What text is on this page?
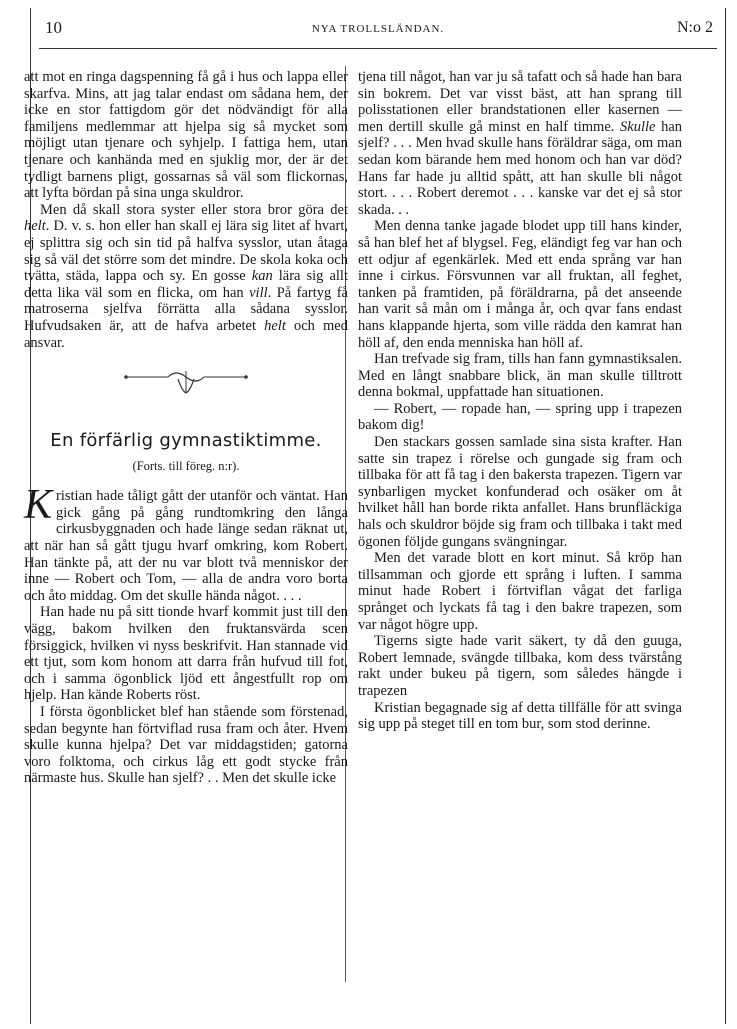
10	NYA TROLLSLÄNDAN.	N:o 2

att mot en ringa dagspenning få gå i hus och lappa eller skarfva. Mins, att jag talar endast om sådana hem, der icke en stor fattigdom gör det nödvändigt för alla familjens medlemmar att hjelpa sig så mycket som möjligt utan tjenare och syhjelp. I fattiga hem, utan tjenare och kanhända med en sjuklig mor, der är det tydligt barnens pligt, gossarnas så väl som flickornas, att lyfta bördan på sina unga skuldror.

Men då skall stora syster eller stora bror göra det helt. D. v. s. hon eller han skall ej lära sig litet af hvart, ej splittra sig och sin tid på halfva sysslor, utan åtaga sig så väl det större som det mindre. De skola koka och tvätta, städa, lappa och sy. En gosse kan lära sig allt detta lika väl som en flicka, om han vill. På fartyg få matroserna sjelfva förrätta alla sådana sysslor. Hufvudsaken är, att de hafva arbetet helt och med ansvar.

En förfärlig gymnastiktimme.
(Forts. till föreg. n:r).

Kristian hade tåligt gått der utanför och väntat. Han gick gång på gång rundtomkring den långa cirkusbyggnaden och hade länge sedan räknat ut, att när han så gått tjugu hvarf omkring, kom Robert. Han tänkte på, att der nu var blott två menniskor der inne — Robert och Tom, — alla de andra voro borta och åto middag. Om det skulle hända något. . . .

Han hade nu på sitt tionde hvarf kommit just till den vägg, bakom hvilken den fruktansvärda scen försiggick, hvilken vi nyss beskrifvit. Han stannade vid ett tjut, som kom honom att darra från hufvud till fot, och i samma ögonblick ljöd ett ångestfullt rop om hjelp. Han kände Roberts röst.

I första ögonblicket blef han stående som förstenad, sedan begynte han förtviflad rusa fram och åter. Hvem skulle kunna hjelpa? Det var middagstiden; gatorna voro folktoma, och cirkus låg ett godt stycke från närmaste hus. Skulle han sjelf? . . Men det skulle icke

tjena till något, han var ju så tafatt och så hade han bara sin bokrem. Det var visst bäst, att han sprang till polisstationen eller brandstationen eller kasernen — men dertill skulle gå minst en half timme. Skulle han sjelf? . . . Men hvad skulle hans föräldrar säga, om man sedan kom bärande hem med honom och han var död? Hans far hade ju alltid spått, att han skulle bli något stort. . . . Robert deremot . . . kanske var det ej så stor skada. . .

Men denna tanke jagade blodet upp till hans kinder, så han blef het af blygsel. Feg, eländigt feg var han och ett odjur af egenkärlek. Med ett enda språng var han inne i cirkus. Försvunnen var all fruktan, all feghet, tanken på framtiden, på föräldrarna, på det anseende han varit så mån om i många år, och qvar fans endast hans klappande hjerta, som ville rädda den kamrat han höll af, den enda menniska han höll af.

Han trefvade sig fram, tills han fann gymnastiksalen. Med en långt snabbare blick, än man skulle tilltrott denna bokmal, uppfattade han situationen.

— Robert, — ropade han, — spring upp i trapezen bakom dig!

Den stackars gossen samlade sina sista krafter. Han satte sin trapez i rörelse och gungade sig fram och tillbaka för att få tag i den bakersta trapezen. Tigern var synbarligen mycket konfunderad och osäker om åt hvilket håll han borde rikta anfallet. Hans brunfläckiga hals och skuldror böjde sig fram och tillbaka i takt med ögonen följde gungans svängningar.

Men det varade blott en kort minut. Så kröp han tillsamman och gjorde ett språng i luften. I samma minut hade Robert i förtviflan vågat det farliga språnget och lyckats få tag i den bakre trapezen, som var något högre upp.

Tigerns sigte hade varit säkert, ty då den guuga, Robert lemnade, svängde tillbaka, kom dess tvärstång rakt under bukeu på tigern, som således hängde i trapezen

Kristian begagnade sig af detta tillfälle för att svinga sig upp på steget till en tom bur, som stod derinne.
